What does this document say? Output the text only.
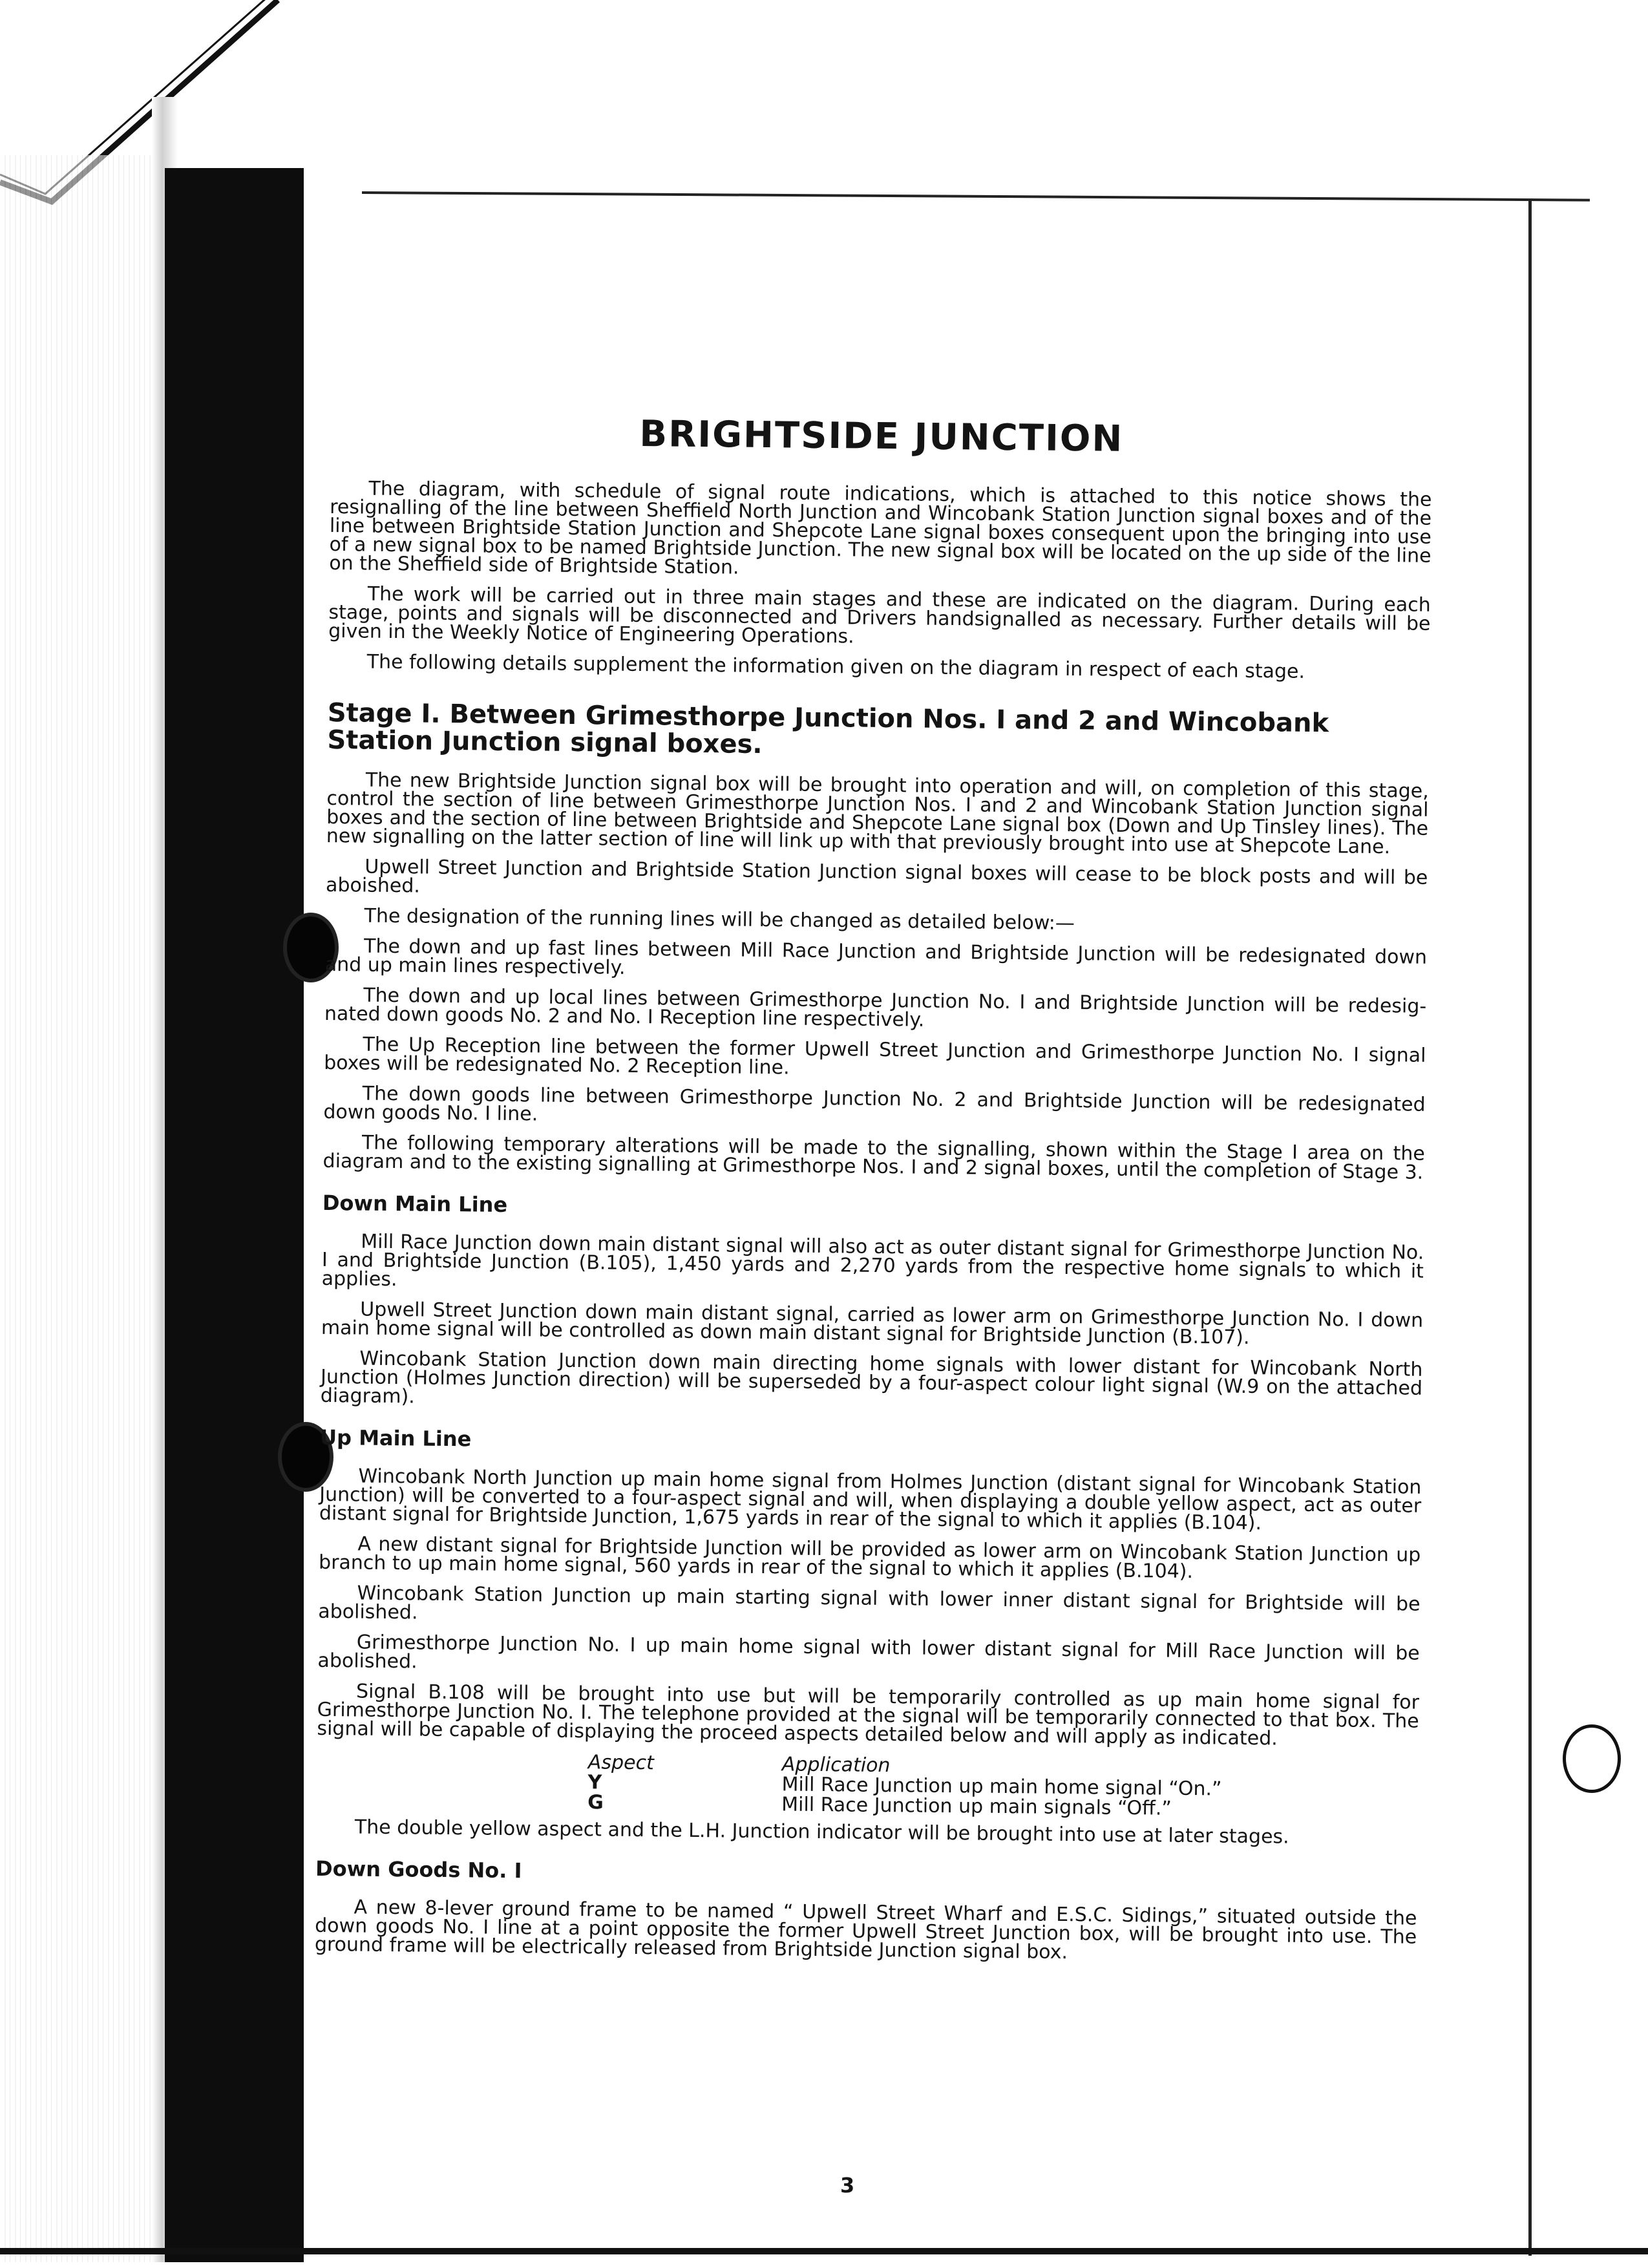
BRIGHTSIDE JUNCTION

The diagram, with schedule of signal route indications, which is attached to this notice shows the resignalling of the line between Sheffield North Junction and Wincobank Station Junction signal boxes and of the line between Brightside Station Junction and Shepcote Lane signal boxes consequent upon the bringing into use of a new signal box to be named Brightside Junction. The new signal box will be located on the up side of the line on the Sheffield side of Brightside Station.

The work will be carried out in three main stages and these are indicated on the diagram. During each stage, points and signals will be disconnected and Drivers handsignalled as necessary. Further details will be given in the Weekly Notice of Engineering Operations.

The following details supplement the information given on the diagram in respect of each stage.

Stage I. Between Grimesthorpe Junction Nos. I and 2 and Wincobank Station Junction signal boxes.

The new Brightside Junction signal box will be brought into operation and will, on completion of this stage, control the section of line between Grimesthorpe Junction Nos. I and 2 and Wincobank Station Junction signal boxes and the section of line between Brightside and Shepcote Lane signal box (Down and Up Tinsley lines). The new signalling on the latter section of line will link up with that previously brought into use at Shepcote Lane.

Upwell Street Junction and Brightside Station Junction signal boxes will cease to be block posts and will be aboished.

The designation of the running lines will be changed as detailed below:—

The down and up fast lines between Mill Race Junction and Brightside Junction will be redesignated down and up main lines respectively.

The down and up local lines between Grimesthorpe Junction No. I and Brightside Junction will be redesig-nated down goods No. 2 and No. I Reception line respectively.

The Up Reception line between the former Upwell Street Junction and Grimesthorpe Junction No. I signal boxes will be redesignated No. 2 Reception line.

The down goods line between Grimesthorpe Junction No. 2 and Brightside Junction will be redesignated down goods No. I line.

The following temporary alterations will be made to the signalling, shown within the Stage I area on the diagram and to the existing signalling at Grimesthorpe Nos. I and 2 signal boxes, until the completion of Stage 3.

Down Main Line

Mill Race Junction down main distant signal will also act as outer distant signal for Grimesthorpe Junction No. I and Brightside Junction (B.105), 1,450 yards and 2,270 yards from the respective home signals to which it applies.

Upwell Street Junction down main distant signal, carried as lower arm on Grimesthorpe Junction No. I down main home signal will be controlled as down main distant signal for Brightside Junction (B.107).

Wincobank Station Junction down main directing home signals with lower distant for Wincobank North Junction (Holmes Junction direction) will be superseded by a four-aspect colour light signal (W.9 on the attached diagram).

Up Main Line

Wincobank North Junction up main home signal from Holmes Junction (distant signal for Wincobank Station Junction) will be converted to a four-aspect signal and will, when displaying a double yellow aspect, act as outer distant signal for Brightside Junction, 1,675 yards in rear of the signal to which it applies (B.104).

A new distant signal for Brightside Junction will be provided as lower arm on Wincobank Station Junction up branch to up main home signal, 560 yards in rear of the signal to which it applies (B.104).

Wincobank Station Junction up main starting signal with lower inner distant signal for Brightside will be abolished.

Grimesthorpe Junction No. I up main home signal with lower distant signal for Mill Race Junction will be abolished.

Signal B.108 will be brought into use but will be temporarily controlled as up main home signal for Grimesthorpe Junction No. I. The telephone provided at the signal will be temporarily connected to that box. The signal will be capable of displaying the proceed aspects detailed below and will apply as indicated.

Aspect	Application
Y	Mill Race Junction up main home signal “On.”
G	Mill Race Junction up main signals “Off.”

The double yellow aspect and the L.H. Junction indicator will be brought into use at later stages.

Down Goods No. I

A new 8-lever ground frame to be named “ Upwell Street Wharf and E.S.C. Sidings,” situated outside the down goods No. I line at a point opposite the former Upwell Street Junction box, will be brought into use. The ground frame will be electrically released from Brightside Junction signal box.

3
